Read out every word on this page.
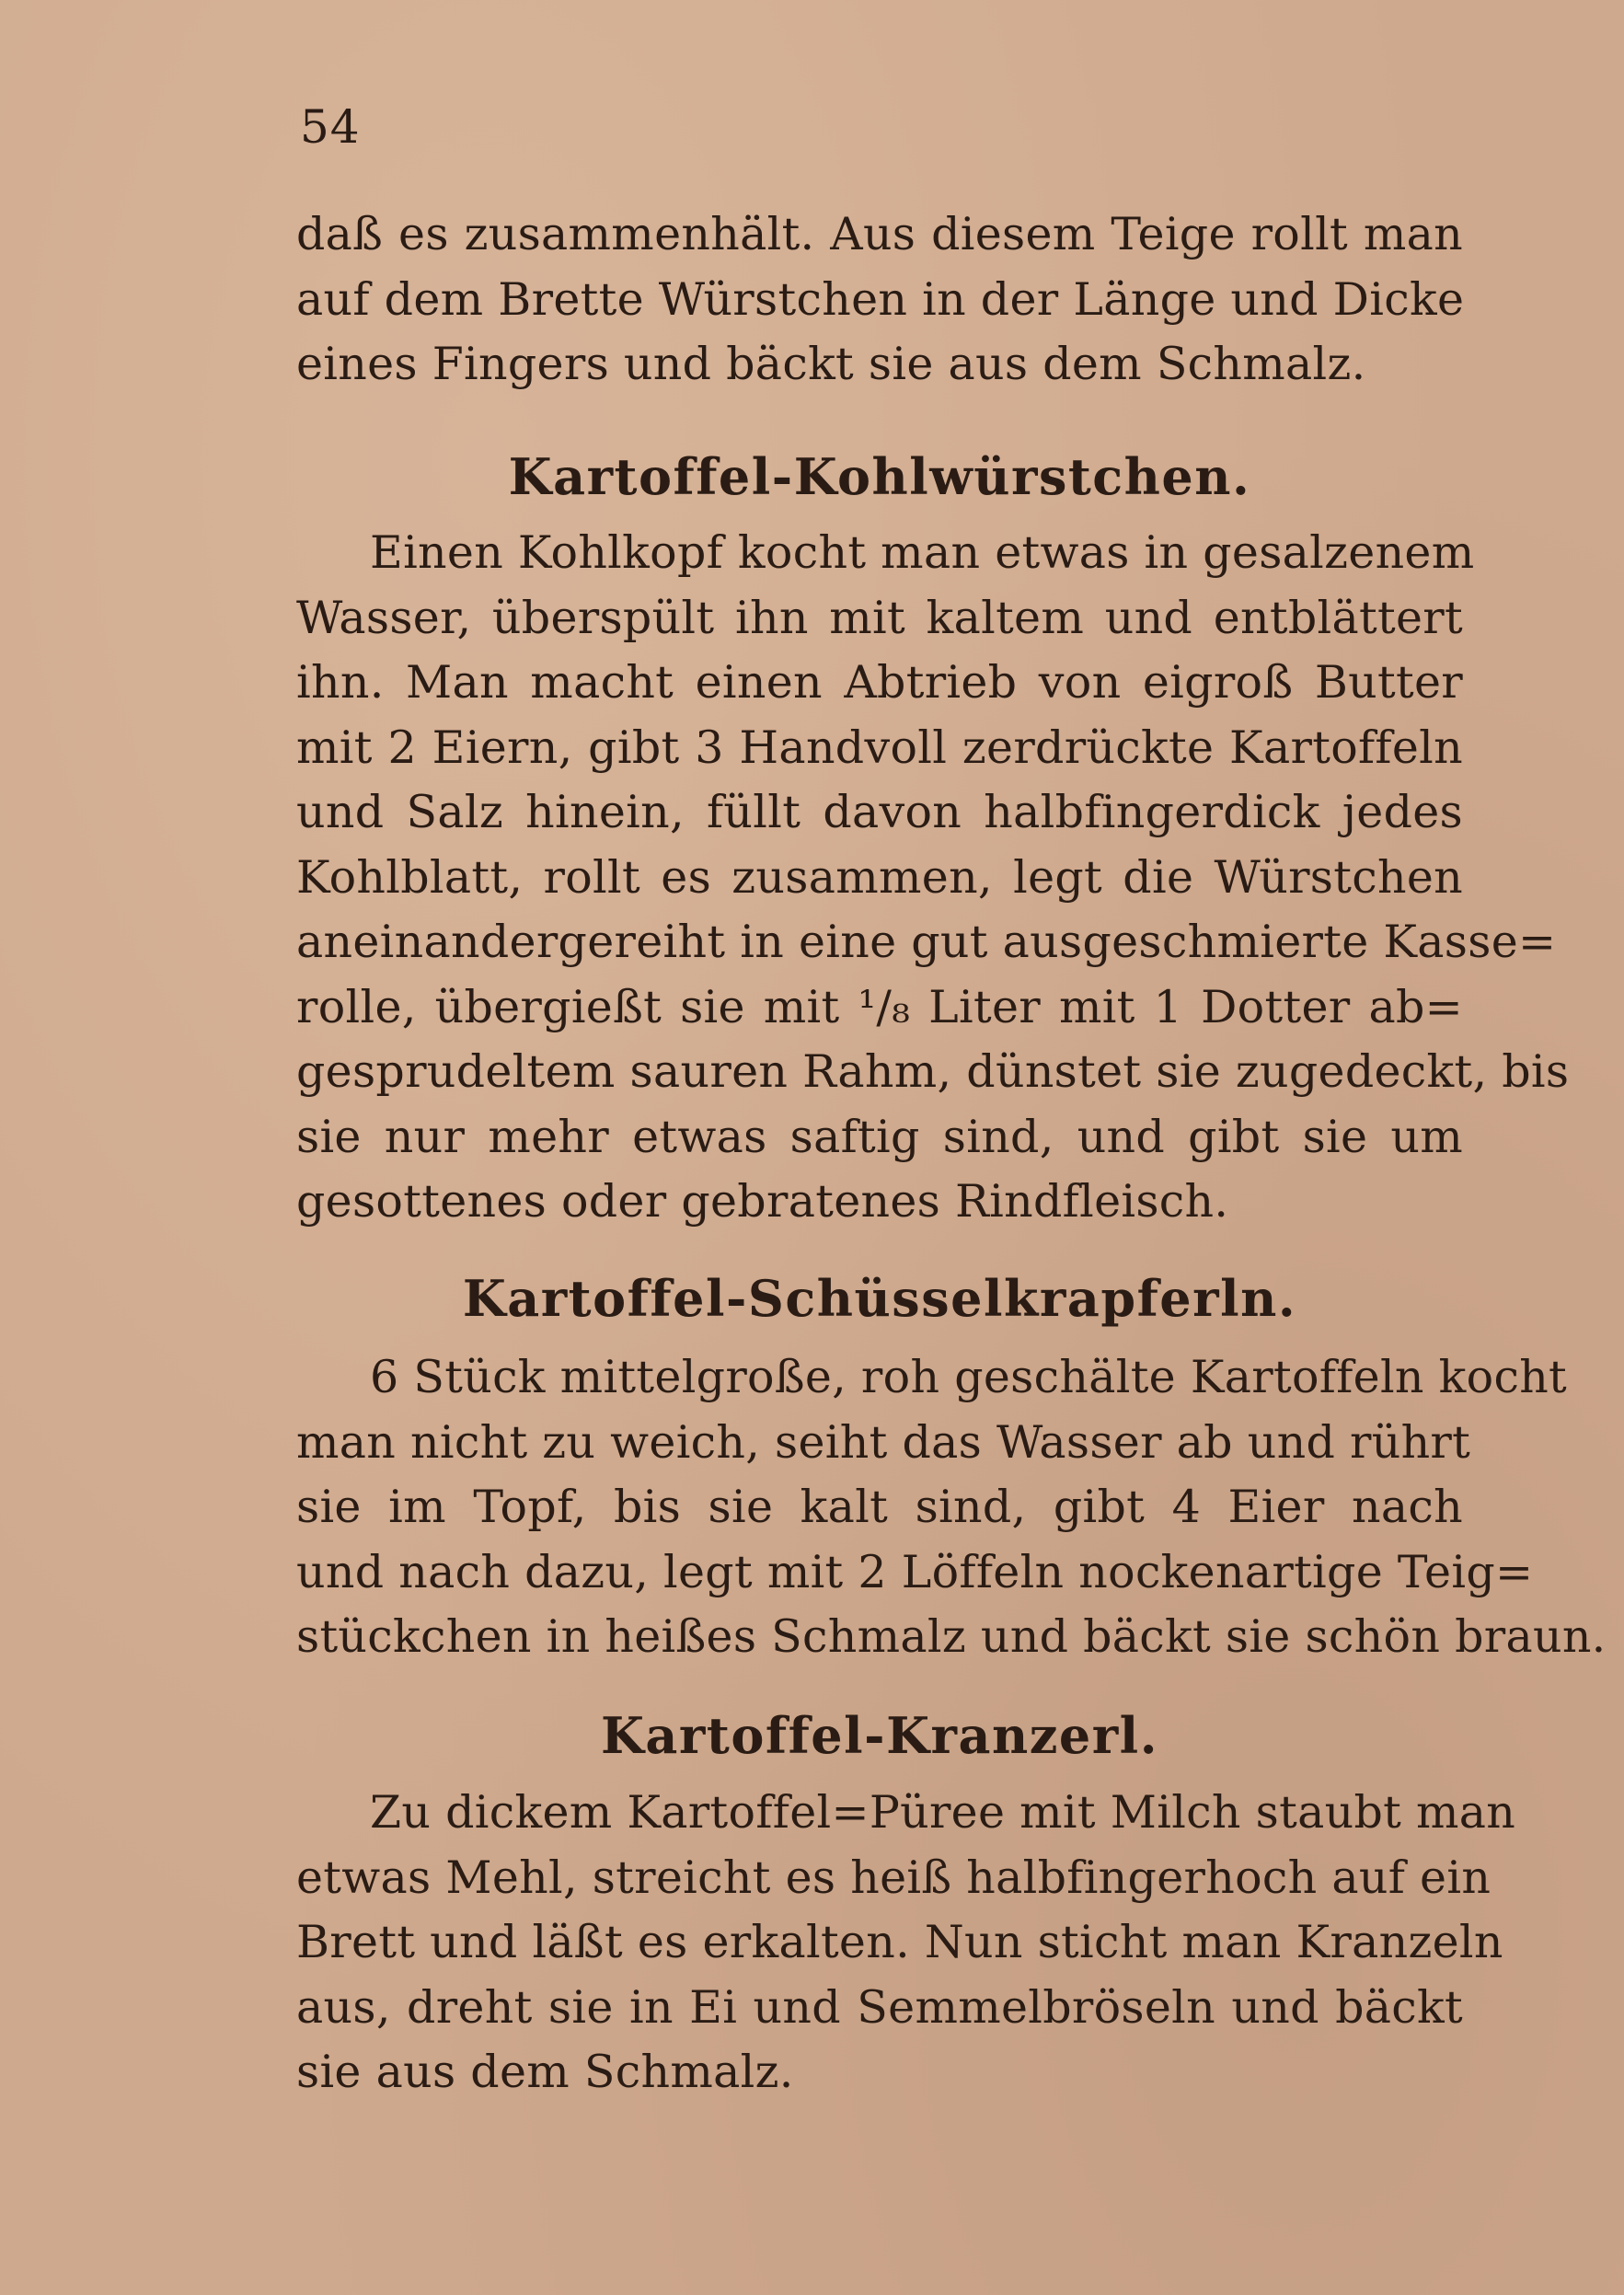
54
daß es zusammenhält. Aus diesem Teige rollt man
auf dem Brette Würstchen in der Länge und Dicke
eines Fingers und bäckt sie aus dem Schmalz.
Kartoffel-Kohlwürstchen.
Einen Kohlkopf kocht man etwas in gesalzenem
Wasser, überspült ihn mit kaltem und entblättert
ihn. Man macht einen Abtrieb von eigroß Butter
mit 2 Eiern, gibt 3 Handvoll zerdrückte Kartoffeln
und Salz hinein, füllt davon halbfingerdick jedes
Kohlblatt, rollt es zusammen, legt die Würstchen
aneinandergereiht in eine gut ausgeschmierte Kasse=
rolle, übergießt sie mit ¹/₈ Liter mit 1 Dotter ab=
gesprudeltem sauren Rahm, dünstet sie zugedeckt, bis
sie nur mehr etwas saftig sind, und gibt sie um
gesottenes oder gebratenes Rindfleisch.
Kartoffel-Schüsselkrapferln.
6 Stück mittelgroße, roh geschälte Kartoffeln kocht
man nicht zu weich, seiht das Wasser ab und rührt
sie im Topf, bis sie kalt sind, gibt 4 Eier nach
und nach dazu, legt mit 2 Löffeln nockenartige Teig=
stückchen in heißes Schmalz und bäckt sie schön braun.
Kartoffel-Kranzerl.
Zu dickem Kartoffel=Püree mit Milch staubt man
etwas Mehl, streicht es heiß halbfingerhoch auf ein
Brett und läßt es erkalten. Nun sticht man Kranzeln
aus, dreht sie in Ei und Semmelbröseln und bäckt
sie aus dem Schmalz.
